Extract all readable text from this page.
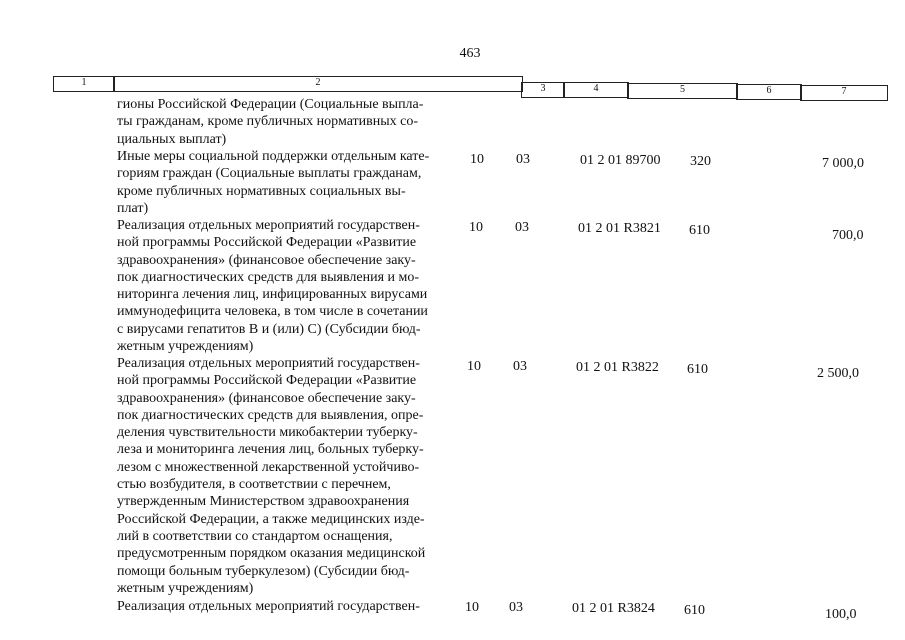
463
1	2
3	4	5	6	7
гионы Российской Федерации (Социальные выпла-
ты гражданам, кроме публичных нормативных со-
циальных выплат)
Иные меры социальной поддержки отдельным кате-
гориям граждан (Социальные выплаты гражданам,
кроме публичных нормативных социальных вы-
плат)
10 03	01 2 01 89700 320	7 000,0
Реализация отдельных мероприятий государствен-
ной программы Российской Федерации «Развитие
здравоохранения» (финансовое обеспечение заку-
пок диагностических средств для выявления и мо-
ниторинга лечения лиц, инфицированных вирусами
иммунодефицита человека, в том числе в сочетании
с вирусами гепатитов В и (или) С) (Субсидии бюд-
жетным учреждениям)
10 03	01 2 01 R3821 610	700,0
Реализация отдельных мероприятий государствен-
ной программы Российской Федерации «Развитие
здравоохранения» (финансовое обеспечение заку-
пок диагностических средств для выявления, опре-
деления чувствительности микобактерии туберку-
леза и мониторинга лечения лиц, больных туберку-
лезом с множественной лекарственной устойчиво-
стью возбудителя, в соответствии с перечнем,
утвержденным Министерством здравоохранения
Российской Федерации, а также медицинских изде-
лий в соответствии со стандартом оснащения,
предусмотренным порядком оказания медицинской
помощи больным туберкулезом) (Субсидии бюд-
жетным учреждениям)
10 03	01 2 01 R3822 610	2 500,0
Реализация отдельных мероприятий государствен-	10 03	01 2 01 R3824 610	100,0
